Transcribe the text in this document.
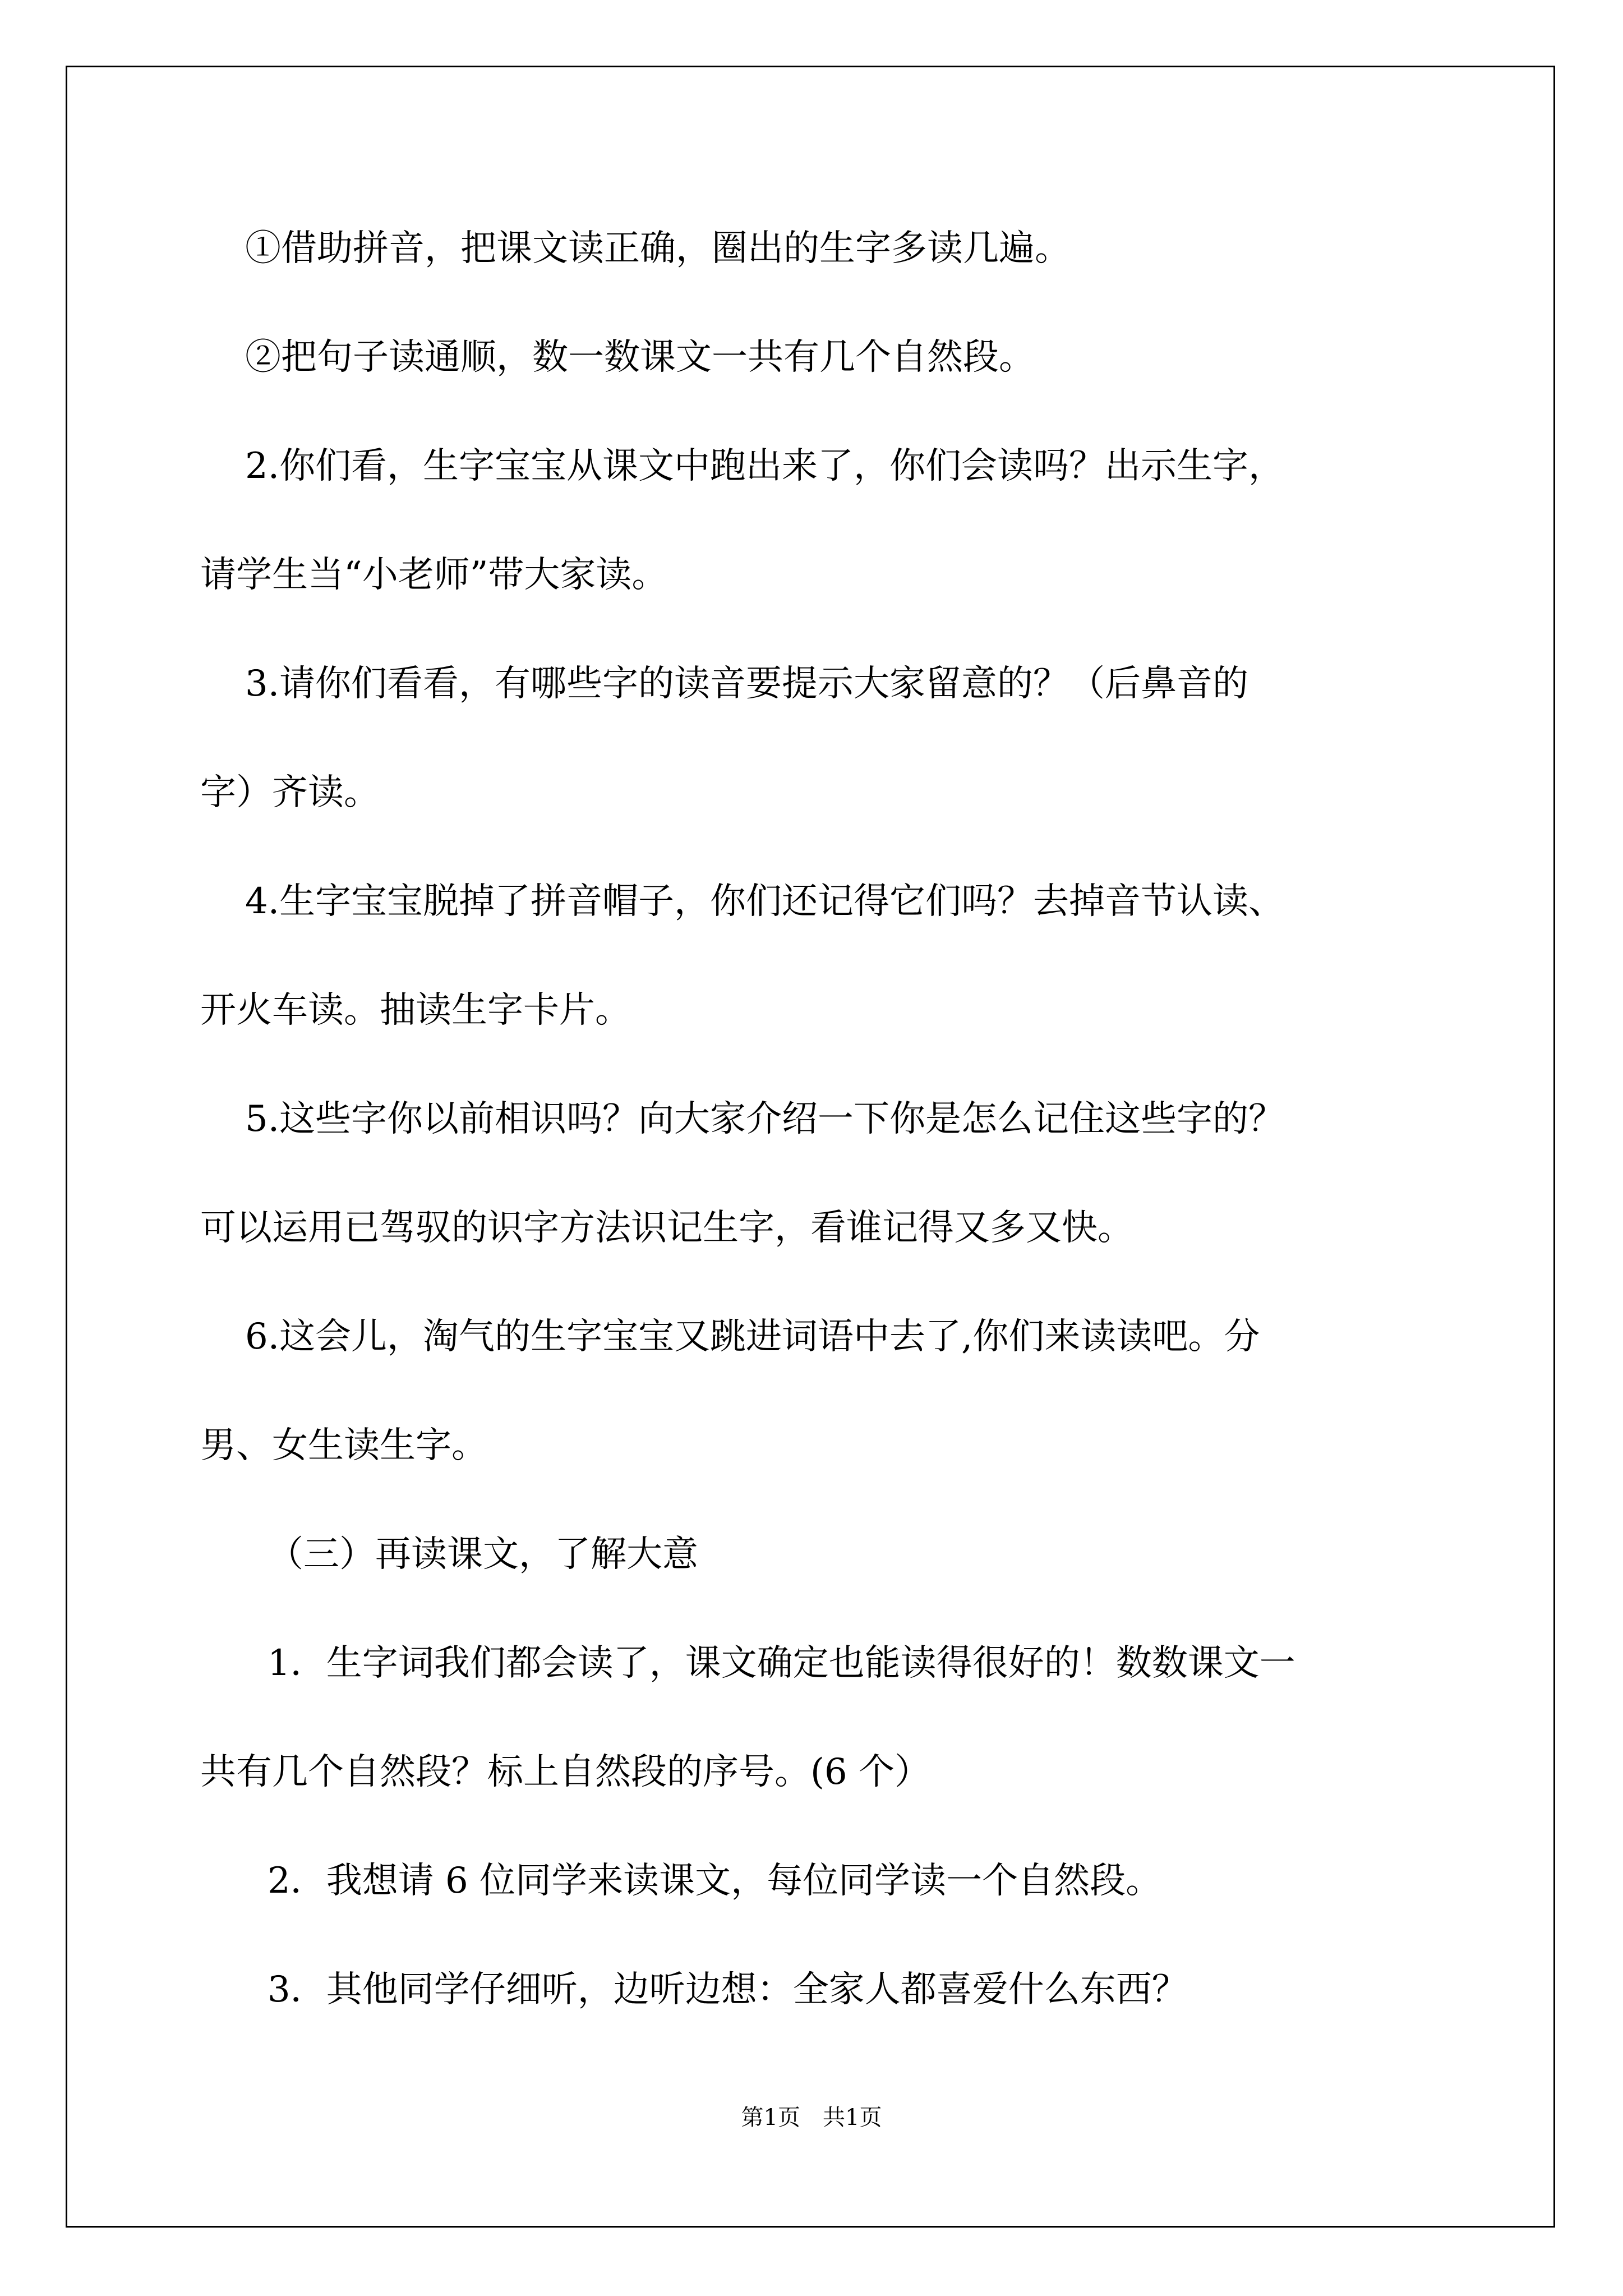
①借助拼音，把课文读正确，圈出的生字多读几遍。
②把句子读通顺，数一数课文一共有几个自然段。
2.你们看，生字宝宝从课文中跑出来了，你们会读吗？出示生字，
请学生当“小老师”带大家读。
3.请你们看看，有哪些字的读音要提示大家留意的？（后鼻音的
字）齐读。
4.生字宝宝脱掉了拼音帽子，你们还记得它们吗？去掉音节认读、
开火车读。抽读生字卡片。
5.这些字你以前相识吗？向大家介绍一下你是怎么记住这些字的？
可以运用已驾驭的识字方法识记生字，看谁记得又多又快。
6.这会儿，淘气的生字宝宝又跳进词语中去了,你们来读读吧。分
男、女生读生字。
（三）再读课文，了解大意
1．生字词我们都会读了，课文确定也能读得很好的！数数课文一
共有几个自然段？标上自然段的序号。(6 个）
2．我想请 6 位同学来读课文，每位同学读一个自然段。
3．其他同学仔细听，边听边想：全家人都喜爱什么东西？
第1页　共1页
